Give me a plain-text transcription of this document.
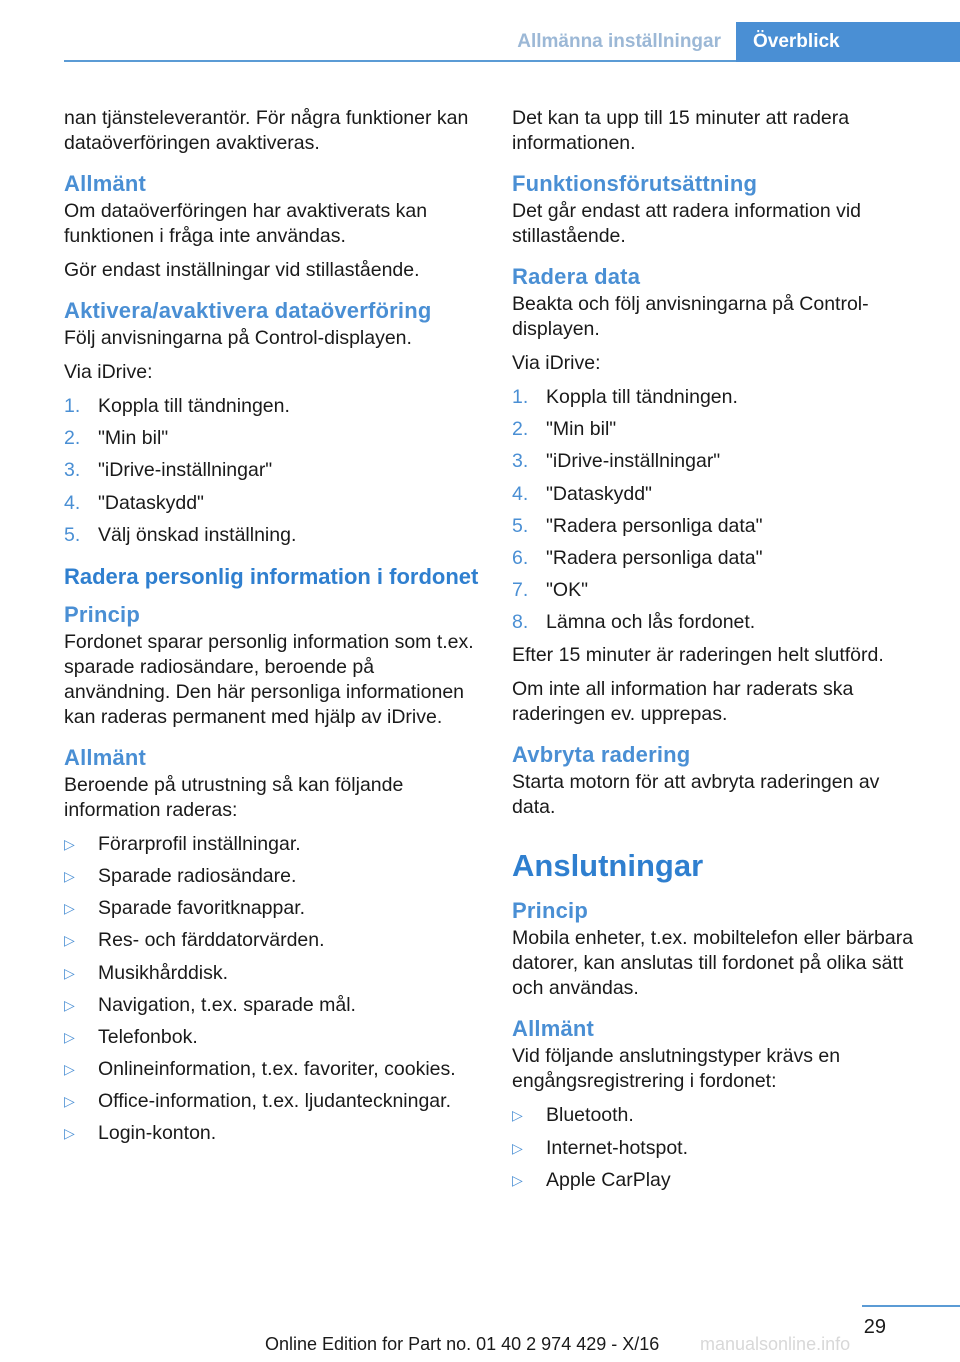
Allmänna inställningar Överblick

nan tjänsteleverantör. För några funktioner kan dataöverföringen avaktiveras.

Allmänt

Om dataöverföringen har avaktiverats kan funktionen i fråga inte användas.

Gör endast inställningar vid stillastående.

Aktivera/avaktivera dataöverföring

Följ anvisningarna på Control-displayen.

Via iDrive:

1. Koppla till tändningen.
2. "Min bil"
3. "iDrive-inställningar"
4. "Dataskydd"
5. Välj önskad inställning.
Radera personlig information i fordonet
Princip

Fordonet sparar personlig information som t.ex. sparade radiosändare, beroende på användning. Den här personliga informationen kan raderas permanent med hjälp av iDrive.

Allmänt

Beroende på utrustning så kan följande information raderas:

▷ Förarprofil inställningar.
▷ Sparade radiosändare.
▷ Sparade favoritknappar.
▷ Res- och färddatorvärden.
▷ Musikhårddisk.
▷ Navigation, t.ex. sparade mål.
▷ Telefonbok.
▷ Onlineinformation, t.ex. favoriter, cookies.
▷ Office-information, t.ex. ljudanteckningar.
▷ Login-konton.

Det kan ta upp till 15 minuter att radera informationen.

Funktionsförutsättning

Det går endast att radera information vid stillastående.

Radera data

Beakta och följ anvisningarna på Control-displayen.

Via iDrive:

1. Koppla till tändningen.
2. "Min bil"
3. "iDrive-inställningar"
4. "Dataskydd"
5. "Radera personliga data"
6. "Radera personliga data"
7. "OK"
8. Lämna och lås fordonet.

Efter 15 minuter är raderingen helt slutförd.

Om inte all information har raderats ska raderingen ev. upprepas.

Avbryta radering

Starta motorn för att avbryta raderingen av data.

Anslutningar
Princip

Mobila enheter, t.ex. mobiltelefon eller bärbara datorer, kan anslutas till fordonet på olika sätt och användas.

Allmänt

Vid följande anslutningstyper krävs en engångsregistrering i fordonet:

▷ Bluetooth.
▷ Internet-hotspot.
▷ Apple CarPlay
29
Online Edition for Part no. 01 40 2 974 429 - X/16 manualsonline.info
